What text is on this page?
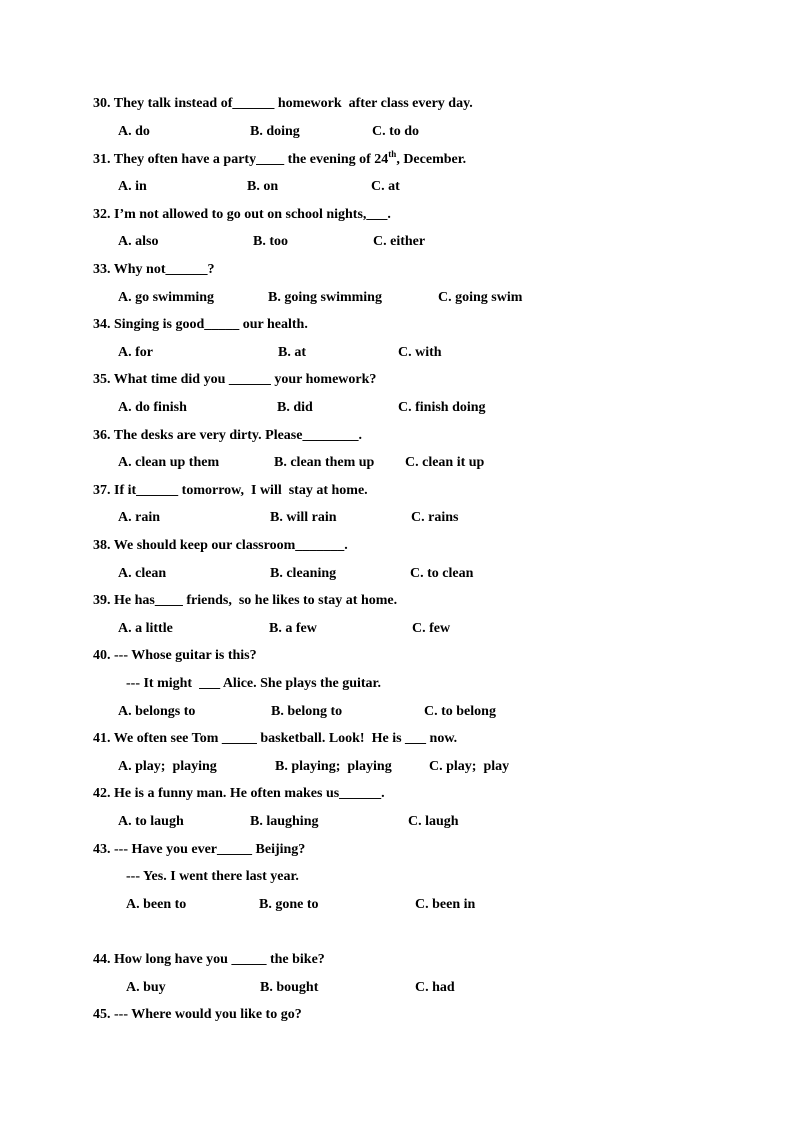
30. They talk instead of______ homework  after class every day.
A. do	B. doing	C. to do
31. They often have a party____ the evening of 24th, December.
A. in	B. on	C. at
32. I’m not allowed to go out on school nights,___.
A. also	B. too	C. either
33. Why not______?
A. go swimming	B. going swimming	C. going swim
34. Singing is good_____ our health.
A. for	B. at	C. with
35. What time did you ______ your homework?
A. do finish	B. did	C. finish doing
36. The desks are very dirty. Please________.
A. clean up them	B. clean them up C. clean it up
37. If it______ tomorrow,  I will  stay at home.
A. rain	B. will rain	C. rains
38. We should keep our classroom_______.
A. clean	B. cleaning	C. to clean
39. He has____ friends,  so he likes to stay at home.
A. a little	B. a few	C. few
40. --- Whose guitar is this?
--- It might  ___ Alice. She plays the guitar.
A. belongs to	B. belong to	C. to belong
41. We often see Tom _____ basketball. Look!  He is ___ now.
A. play;  playing	B. playing;  playing	C. play;  play
42. He is a funny man. He often makes us______.
A. to laugh	B. laughing	C. laugh
43. --- Have you ever_____ Beijing?
--- Yes. I went there last year.
A. been to	B. gone to	C. been in
44. How long have you _____ the bike?
A. buy	B. bought	C. had
45. --- Where would you like to go?
